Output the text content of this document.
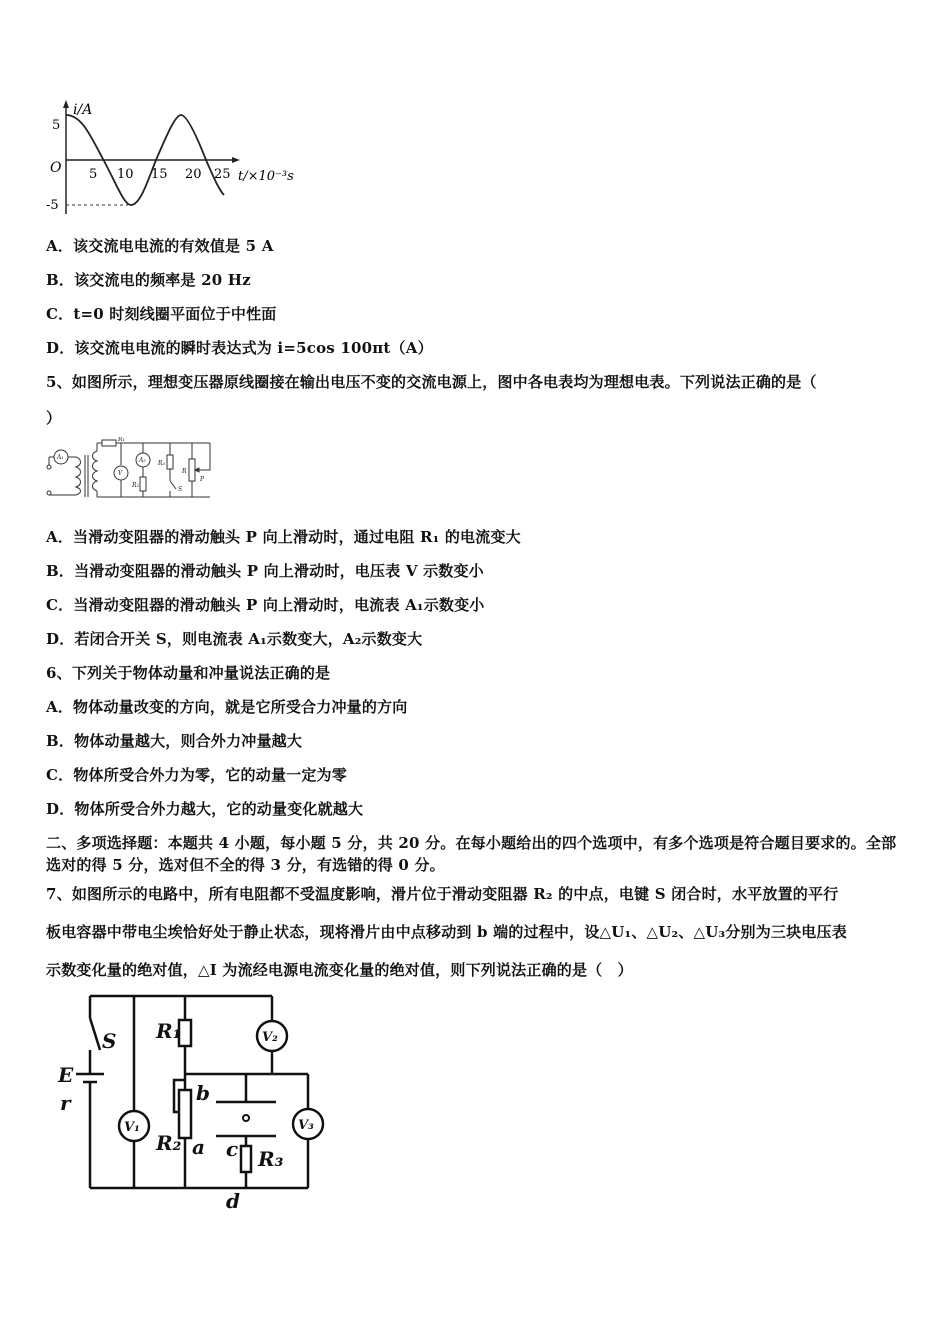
i/A
5
O
-5
5 10 15 20 25 t/×10⁻³s
A．该交流电电流的有效值是 5 A
B．该交流电的频率是 20 Hz
C．t=0 时刻线圈平面位于中性面
D．该交流电电流的瞬时表达式为 i=5cos 100πt（A）
5、如图所示，理想变压器原线圈接在输出电压不变的交流电源上，图中各电表均为理想电表。下列说法正确的是（
）
A₁
R₁
V
A₂
R₂
R₃
R
P
S
A．当滑动变阻器的滑动触头 P 向上滑动时，通过电阻 R₁ 的电流变大
B．当滑动变阻器的滑动触头 P 向上滑动时，电压表 V 示数变小
C．当滑动变阻器的滑动触头 P 向上滑动时，电流表 A₁示数变小
D．若闭合开关 S，则电流表 A₁示数变大，A₂示数变大
6、下列关于物体动量和冲量说法正确的是
A．物体动量改变的方向，就是它所受合力冲量的方向
B．物体动量越大，则合外力冲量越大
C．物体所受合外力为零，它的动量一定为零
D．物体所受合外力越大，它的动量变化就越大
二、多项选择题：本题共 4 小题，每小题 5 分，共 20 分。在每小题给出的四个选项中，有多个选项是符合题目要求的。全部选对的得 5 分，选对但不全的得 3 分，有选错的得 0 分。
7、如图所示的电路中，所有电阻都不受温度影响，滑片位于滑动变阻器 R₂ 的中点，电键 S 闭合时，水平放置的平行
板电容器中带电尘埃恰好处于静止状态，现将滑片由中点移动到 b 端的过程中，设△U₁、△U₂、△U₃分别为三块电压表
示数变化量的绝对值，△I 为流经电源电流变化量的绝对值，则下列说法正确的是（　）
S
E
r
R₁
R₂
R₃
b
a c
d
V₁
V₂
V₃
